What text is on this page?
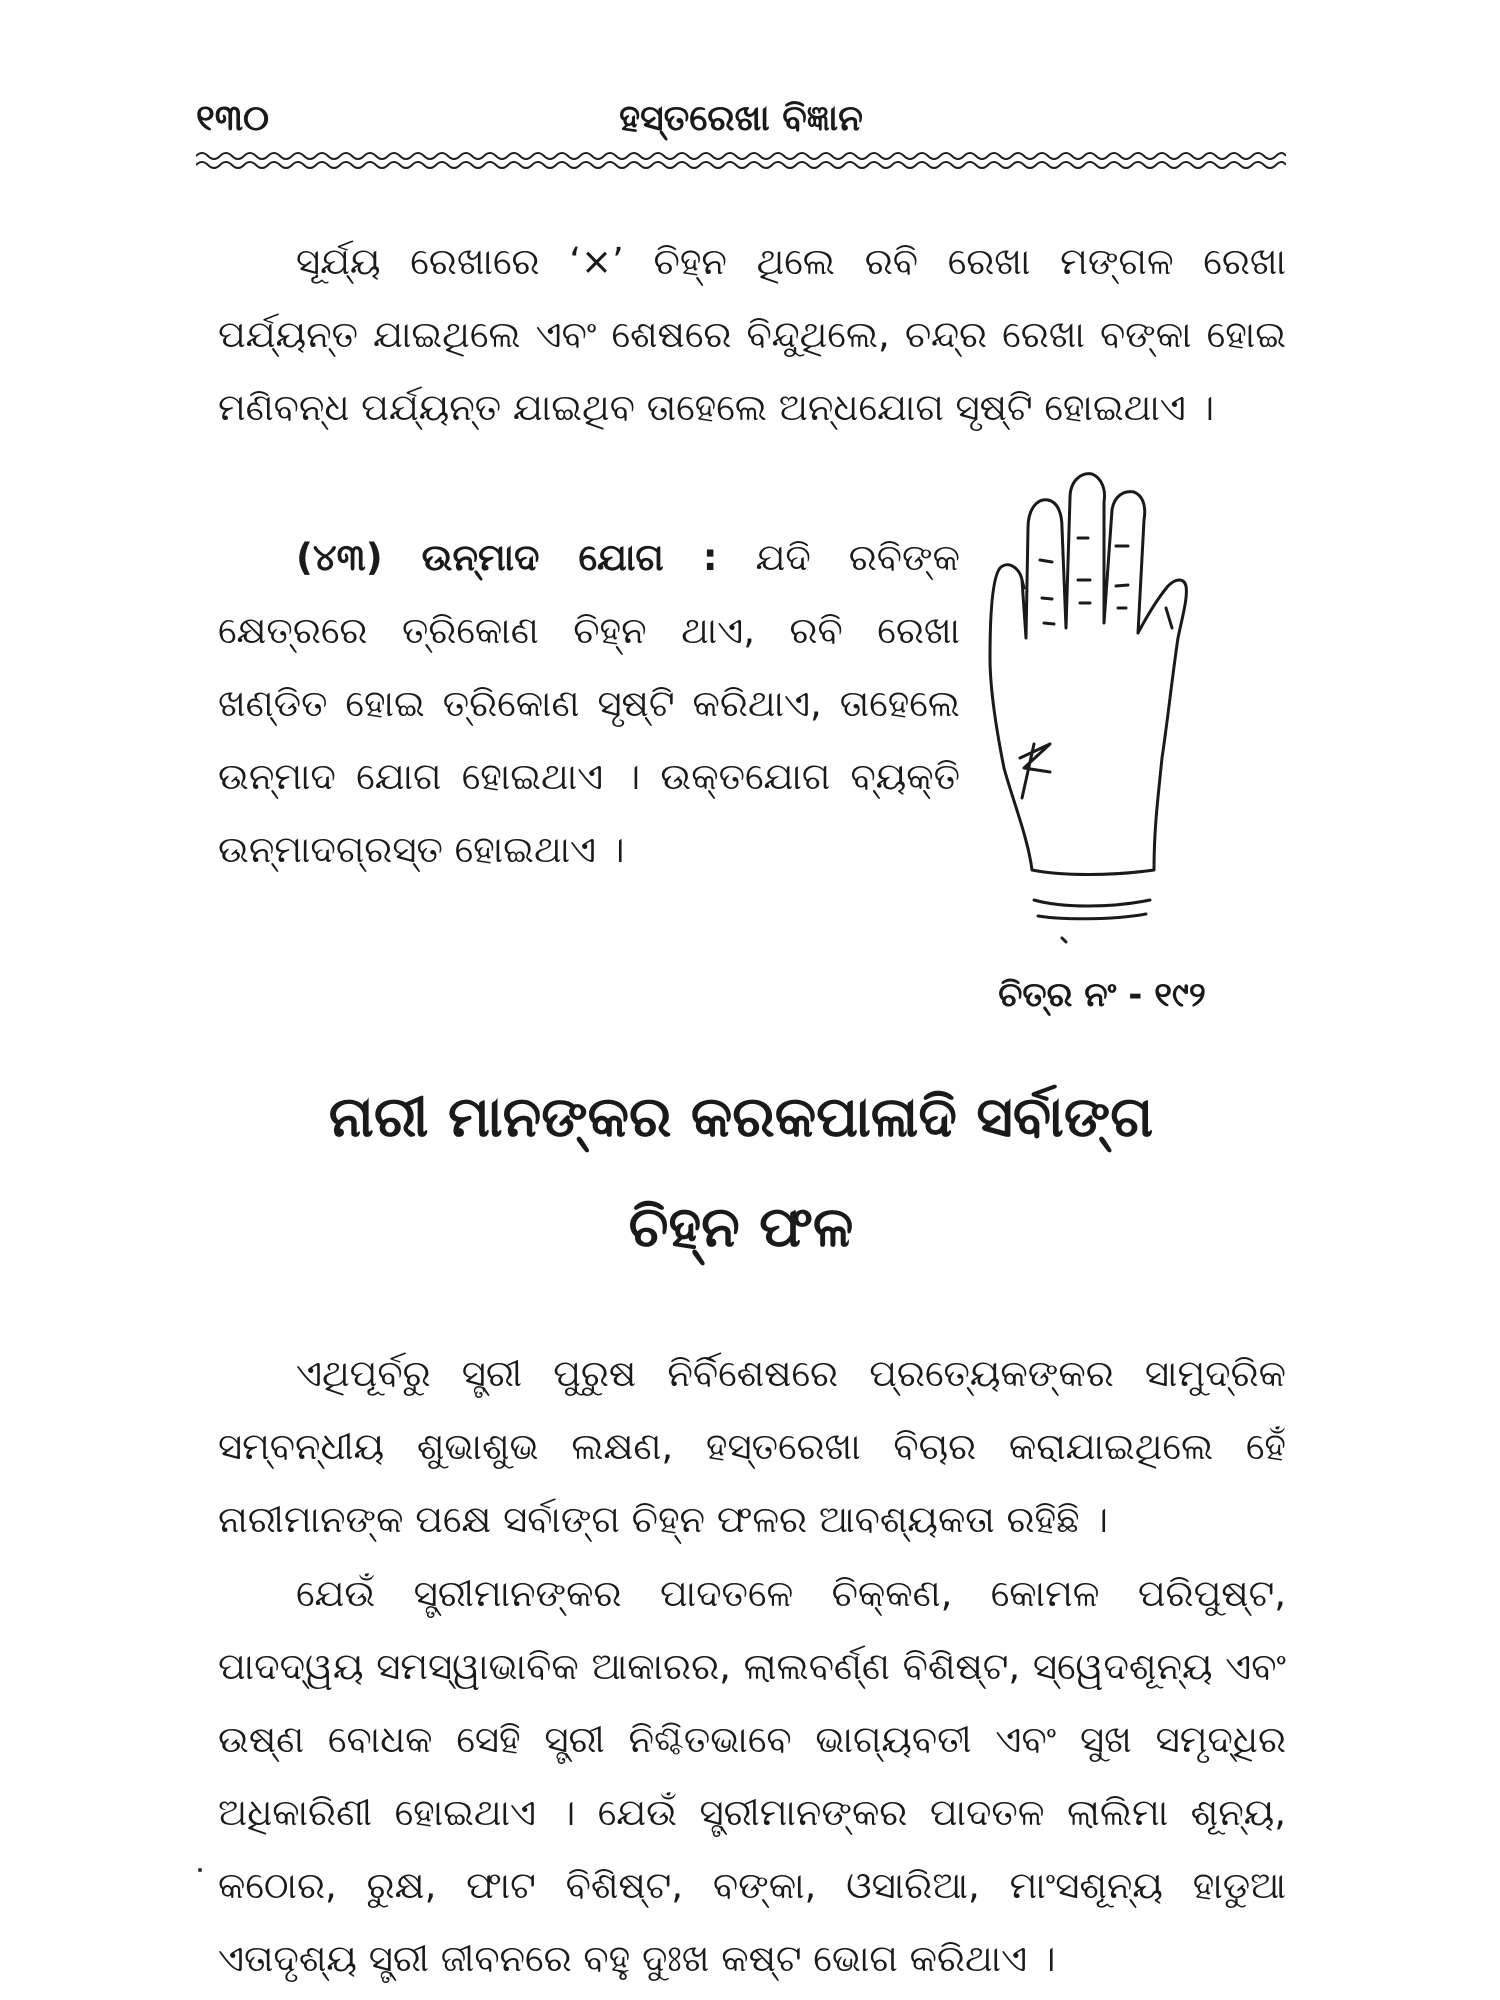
୧୩୦	ହସ୍ତରେଖା ବିଜ୍ଞାନ

ସୂର୍ଯ୍ୟ ରେଖାରେ ‘×’ ଚିହ୍ନ ଥିଲେ ରବି ରେଖା ମଙ୍ଗଳ ରେଖା ପର୍ଯ୍ୟନ୍ତ ଯାଇଥିଲେ ଏବଂ ଶେଷରେ ବିନ୍ଦୁଥିଲେ, ଚନ୍ଦ୍ର ରେଖା ବଙ୍କା ହୋଇ ମଣିବନ୍ଧ ପର୍ଯ୍ୟନ୍ତ ଯାଇଥିବ ତାହେଲେ ଅନ୍ଧଯୋଗ ସୃଷ୍ଟି ହୋଇଥାଏ ।

(୪୩) ଉନ୍ମାଦ ଯୋଗ : ଯଦି ରବିଙ୍କ କ୍ଷେତ୍ରରେ ତ୍ରିକୋଣ ଚିହ୍ନ ଥାଏ, ରବି ରେଖା ଖଣ୍ଡିତ ହୋଇ ତ୍ରିକୋଣ ସୃଷ୍ଟି କରିଥାଏ, ତାହେଲେ ଉନ୍ମାଦ ଯୋଗ ହୋଇଥାଏ । ଉକ୍ତଯୋଗ ବ୍ୟକ୍ତି ଉନ୍ମାଦଗ୍ରସ୍ତ ହୋଇଥାଏ ।

ଚିତ୍ର ନଂ - ୧୯୨
ନାରୀ ମାନଙ୍କର କରକପାଳାଦି ସର୍ବାଙ୍ଗ
ଚିହ୍ନ ଫଳ

ଏଥିପୂର୍ବରୁ ସ୍ତ୍ରୀ ପୁରୁଷ ନିର୍ବିଶେଷରେ ପ୍ରତ୍ୟେକଙ୍କର ସାମୁଦ୍ରିକ ସମ୍ବନ୍ଧୀୟ ଶୁଭାଶୁଭ ଲକ୍ଷଣ, ହସ୍ତରେଖା ବିଚାର କରାଯାଇଥିଲେ ହେଁ ନାରୀମାନଙ୍କ ପକ୍ଷେ ସର୍ବାଙ୍ଗ ଚିହ୍ନ ଫଳର ଆବଶ୍ୟକତା ରହିଛି ।

ଯେଉଁ ସ୍ତ୍ରୀମାନଙ୍କର ପାଦତଳେ ଚିକ୍କଣ, କୋମଳ ପରିପୁଷ୍ଟ, ପାଦଦ୍ୱୟ ସମସ୍ୱାଭାବିକ ଆକାରର, ଲାଲବର୍ଣ୍ଣ ବିଶିଷ୍ଟ, ସ୍ୱେଦଶୂନ୍ୟ ଏବଂ ଉଷ୍ଣ ବୋଧକ ସେହି ସ୍ତ୍ରୀ ନିଶ୍ଚିତଭାବେ ଭାଗ୍ୟବତୀ ଏବଂ ସୁଖ ସମୃଦ୍ଧିର ଅଧିକାରିଣୀ ହୋଇଥାଏ । ଯେଉଁ ସ୍ତ୍ରୀମାନଙ୍କର ପାଦତଳ ଲାଲିମା ଶୂନ୍ୟ, କଠୋର, ରୁକ୍ଷ, ଫାଟ ବିଶିଷ୍ଟ, ବଙ୍କା, ଓସାରିଆ, ମାଂସଶୂନ୍ୟ ହାଡୁଆ ଏତାଦୃଶ୍ୟ ସ୍ତ୍ରୀ ଜୀବନରେ ବହୁ ଦୁଃଖ କଷ୍ଟ ଭୋଗ କରିଥାଏ ।
